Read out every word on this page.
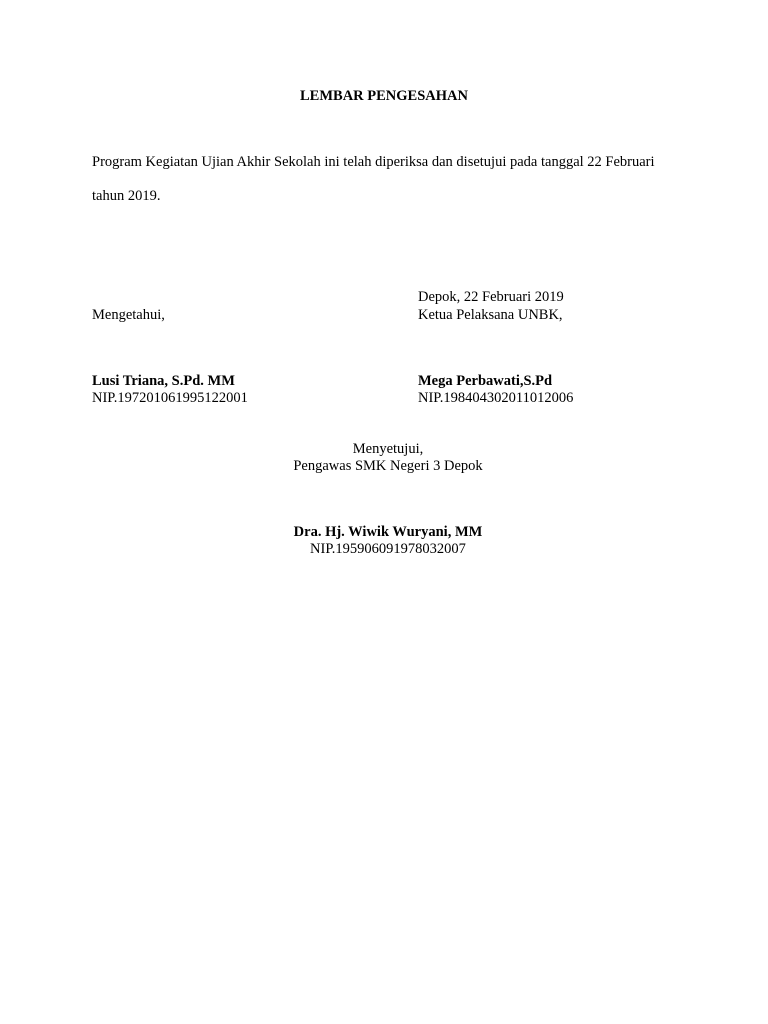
LEMBAR PENGESAHAN
Program Kegiatan Ujian Akhir Sekolah ini telah diperiksa dan disetujui pada tanggal 22 Februari
tahun 2019.
Depok, 22 Februari 2019
Mengetahui,	Ketua Pelaksana UNBK,
Lusi Triana, S.Pd. MM	Mega Perbawati,S.Pd
NIP.197201061995122001	NIP.198404302011012006
Menyetujui,
Pengawas SMK Negeri 3 Depok
Dra. Hj. Wiwik Wuryani, MM
NIP.195906091978032007
